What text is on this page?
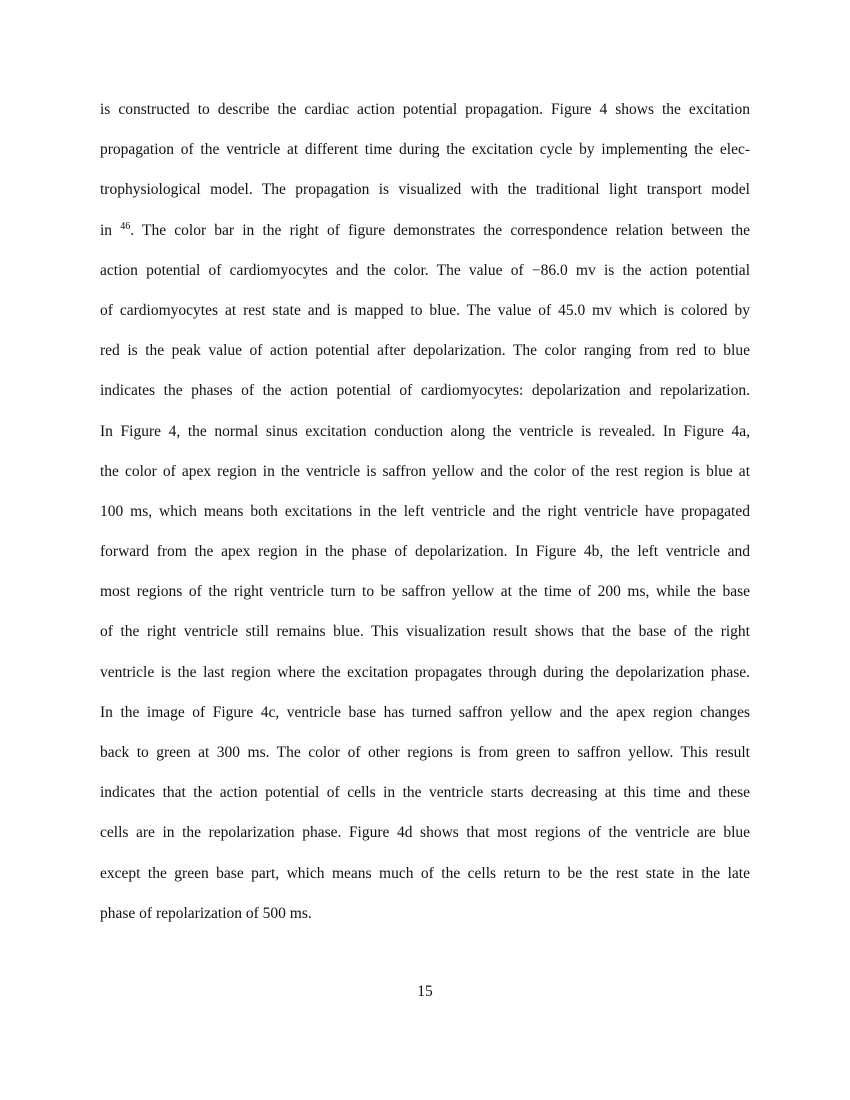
is constructed to describe the cardiac action potential propagation. Figure 4 shows the excitation
propagation of the ventricle at different time during the excitation cycle by implementing the elec-
trophysiological model. The propagation is visualized with the traditional light transport model
in $^{46}$. The color bar in the right of figure demonstrates the correspondence relation between the
action potential of cardiomyocytes and the color. The value of −86.0 mv is the action potential
of cardiomyocytes at rest state and is mapped to blue. The value of 45.0 mv which is colored by
red is the peak value of action potential after depolarization. The color ranging from red to blue
indicates the phases of the action potential of cardiomyocytes: depolarization and repolarization.
In Figure 4, the normal sinus excitation conduction along the ventricle is revealed. In Figure 4a,
the color of apex region in the ventricle is saffron yellow and the color of the rest region is blue at
100 ms, which means both excitations in the left ventricle and the right ventricle have propagated
forward from the apex region in the phase of depolarization. In Figure 4b, the left ventricle and
most regions of the right ventricle turn to be saffron yellow at the time of 200 ms, while the base
of the right ventricle still remains blue. This visualization result shows that the base of the right
ventricle is the last region where the excitation propagates through during the depolarization phase.
In the image of Figure 4c, ventricle base has turned saffron yellow and the apex region changes
back to green at 300 ms. The color of other regions is from green to saffron yellow. This result
indicates that the action potential of cells in the ventricle starts decreasing at this time and these
cells are in the repolarization phase. Figure 4d shows that most regions of the ventricle are blue
except the green base part, which means much of the cells return to be the rest state in the late
phase of repolarization of 500 ms.
15
